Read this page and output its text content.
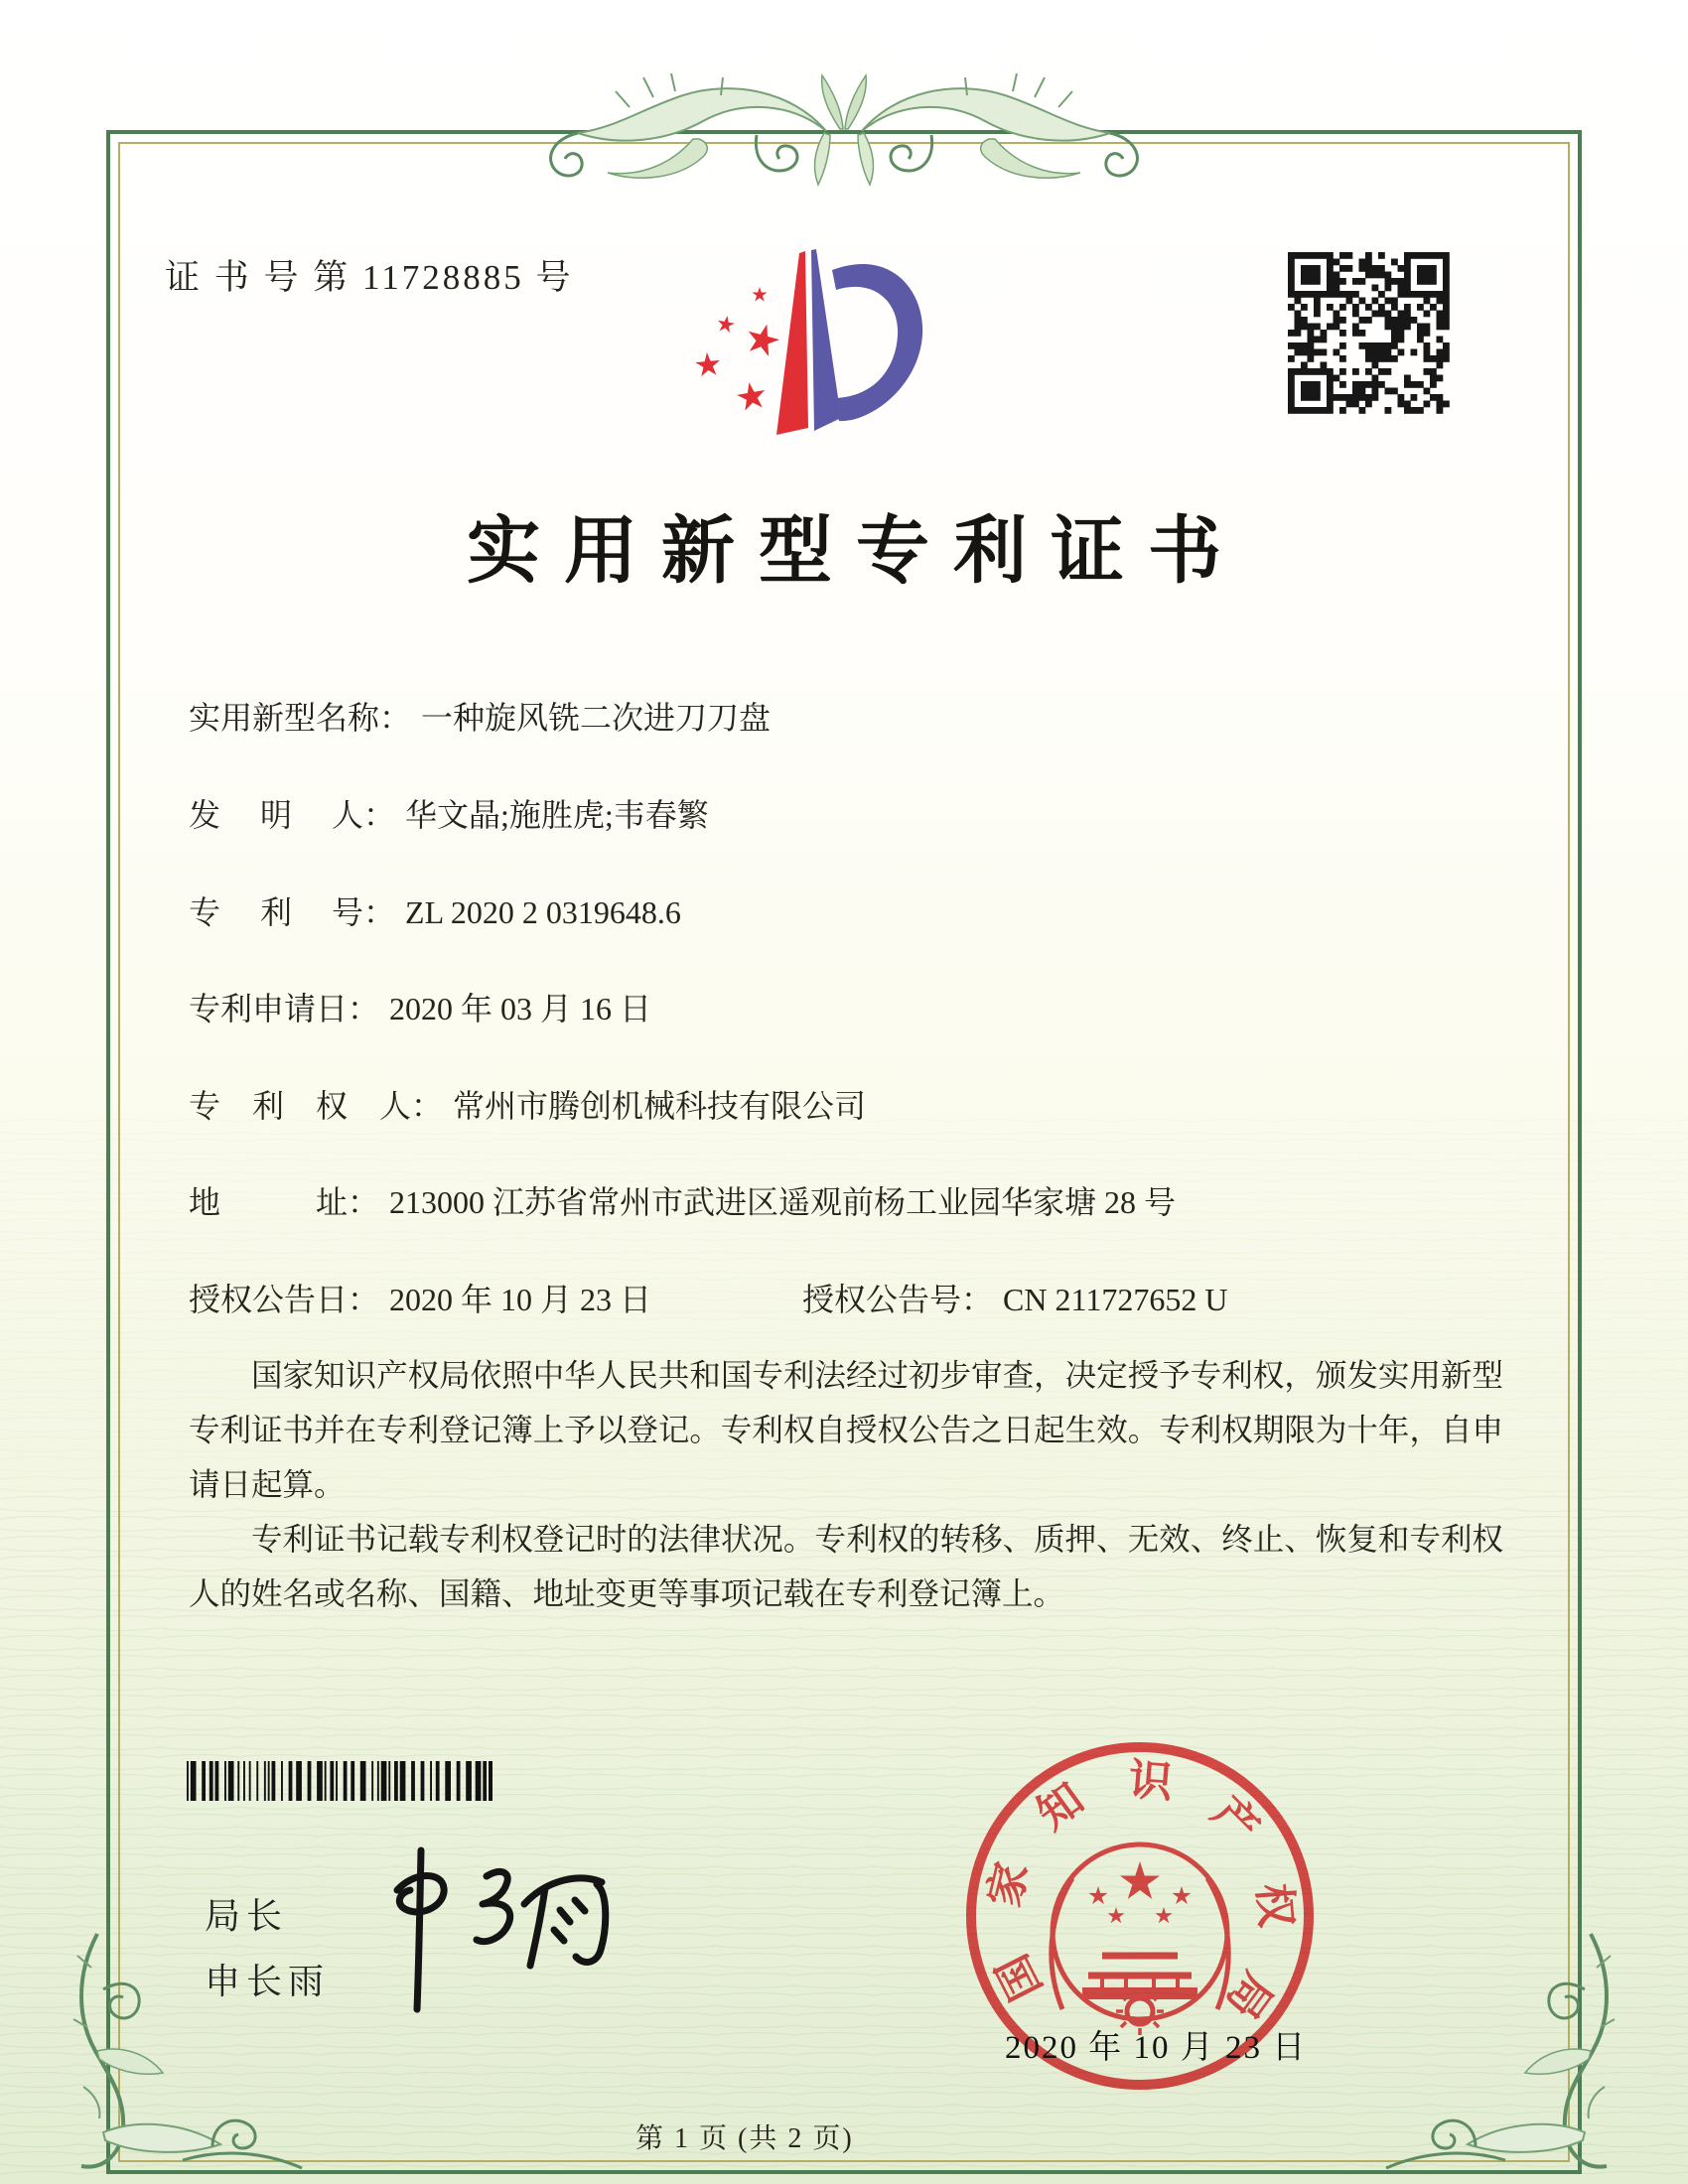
证 书 号 第 11728885 号
实用新型专利证书
实用新型名称： 一种旋风铣二次进刀刀盘
发　 明　 人： 华文晶;施胜虎;韦春繁
专　 利　 号： ZL 2020 2 0319648.6
专利申请日： 2020 年 03 月 16 日
专　利　权　人： 常州市腾创机械科技有限公司
地　　　址： 213000 江苏省常州市武进区遥观前杨工业园华家塘 28 号
授权公告日： 2020 年 10 月 23 日	授权公告号： CN 211727652 U

国家知识产权局依照中华人民共和国专利法经过初步审查，决定授予专利权，颁发实用新型专利证书并在专利登记簿上予以登记。专利权自授权公告之日起生效。专利权期限为十年，自申请日起算。

专利证书记载专利权登记时的法律状况。专利权的转移、质押、无效、终止、恢复和专利权人的姓名或名称、国籍、地址变更等事项记载在专利登记簿上。

局长
申长雨	国
家
知 识
产
权
局
2020 年 10 月 23 日
第 1 页 (共 2 页)
